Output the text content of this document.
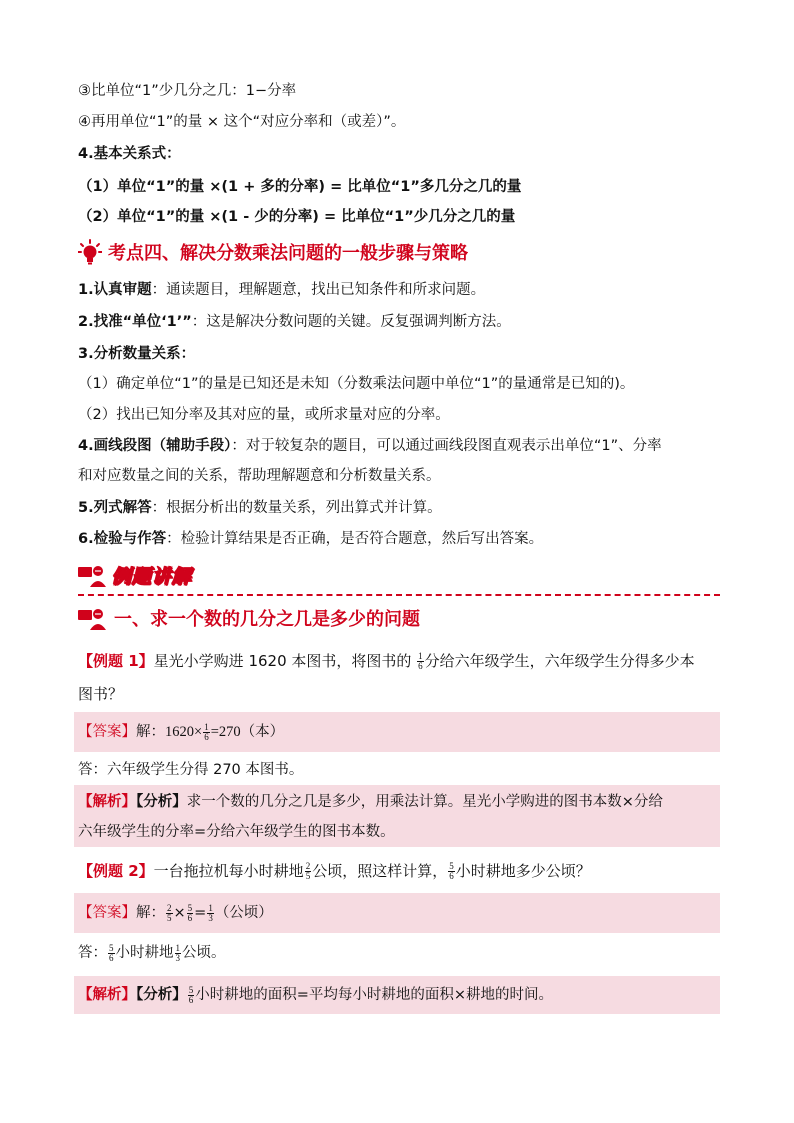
③比单位“1”少几分之几：1−分率
④再用单位“1”的量 × 这个“对应分率和（或差）”。
4.基本关系式：
（1）单位“1”的量 ×(1 + 多的分率) = 比单位“1”多几分之几的量
（2）单位“1”的量 ×(1 - 少的分率) = 比单位“1”少几分之几的量
考点四、解决分数乘法问题的一般步骤与策略
1.认真审题：通读题目，理解题意，找出已知条件和所求问题。
2.找准“单位‘1’”：这是解决分数问题的关键。反复强调判断方法。
3.分析数量关系：
（1）确定单位“1”的量是已知还是未知（分数乘法问题中单位“1”的量通常是已知的)。
（2）找出已知分率及其对应的量，或所求量对应的分率。
4.画线段图（辅助手段）：对于较复杂的题目，可以通过画线段图直观表示出单位“1”、分率
和对应数量之间的关系，帮助理解题意和分析数量关系。
5.列式解答：根据分析出的数量关系，列出算式并计算。
6.检验与作答：检验计算结果是否正确，是否符合题意，然后写出答案。
例题讲解
一、求一个数的几分之几是多少的问题
【例题 1】星光小学购进 1620 本图书，将图书的 $\frac{1}{6}$ 分给六年级学生，六年级学生分得多少本
图书？
【答案】解：$1620\times \frac{1}{6} =270$（本）
答：六年级学生分得 270 本图书。
【解析】【分析】求一个数的几分之几是多少，用乘法计算。星光小学购进的图书本数×分给
六年级学生的分率=分给六年级学生的图书本数。
【例题 2】一台拖拉机每小时耕地 $\frac{2}{5}$ 公顷，照这样计算， $\frac{5}{6}$ 小时耕地多少公顷？
【答案】解： $\frac{2}{5} \times \frac{5}{6} = \frac{1}{3}$ （公顷）
答： $\frac{5}{6}$ 小时耕地 $\frac{1}{3}$ 公顷。
【解析】【分析】 $\frac{5}{6}$ 小时耕地的面积=平均每小时耕地的面积×耕地的时间。
